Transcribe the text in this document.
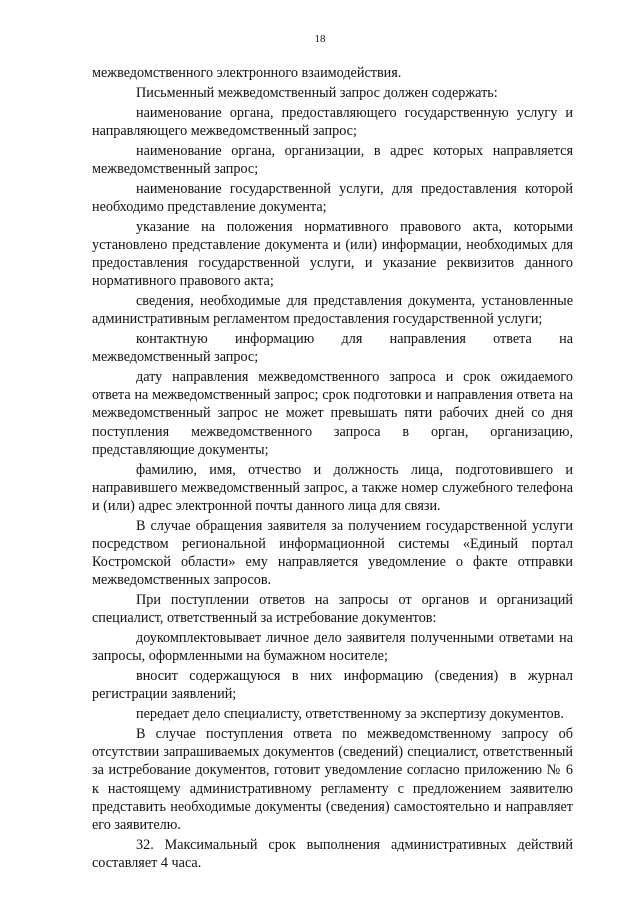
18

межведомственного электронного взаимодействия.

Письменный межведомственный запрос должен содержать:

наименование органа, предоставляющего государственную услугу и направляющего межведомственный запрос;

наименование органа, организации, в адрес которых направляется межведомственный запрос;

наименование государственной услуги, для предоставления которой необходимо представление документа;

указание на положения нормативного правового акта, которыми установлено представление документа и (или) информации, необходимых для предоставления государственной услуги, и указание реквизитов данного нормативного правового акта;

сведения, необходимые для представления документа, установленные административным регламентом предоставления государственной услуги;

контактную информацию для направления ответа на межведомственный запрос;

дату направления межведомственного запроса и срок ожидаемого ответа на межведомственный запрос; срок подготовки и направления ответа на межведомственный запрос не может превышать пяти рабочих дней со дня поступления межведомственного запроса в орган, организацию, представляющие документы;

фамилию, имя, отчество и должность лица, подготовившего и направившего межведомственный запрос, а также номер служебного телефона и (или) адрес электронной почты данного лица для связи.

В случае обращения заявителя за получением государственной услуги посредством региональной информационной системы «Единый портал Костромской области» ему направляется уведомление о факте отправки межведомственных запросов.

При поступлении ответов на запросы от органов и организаций специалист, ответственный за истребование документов:

доукомплектовывает личное дело заявителя полученными ответами на запросы, оформленными на бумажном носителе;

вносит содержащуюся в них информацию (сведения) в журнал регистрации заявлений;

передает дело специалисту, ответственному за экспертизу документов.

В случае поступления ответа по межведомственному запросу об отсутствии запрашиваемых документов (сведений) специалист, ответственный за истребование документов, готовит уведомление согласно приложению № 6 к настоящему административному регламенту с предложением заявителю представить необходимые документы (сведения) самостоятельно и направляет его заявителю.

32. Максимальный срок выполнения административных действий составляет 4 часа.
